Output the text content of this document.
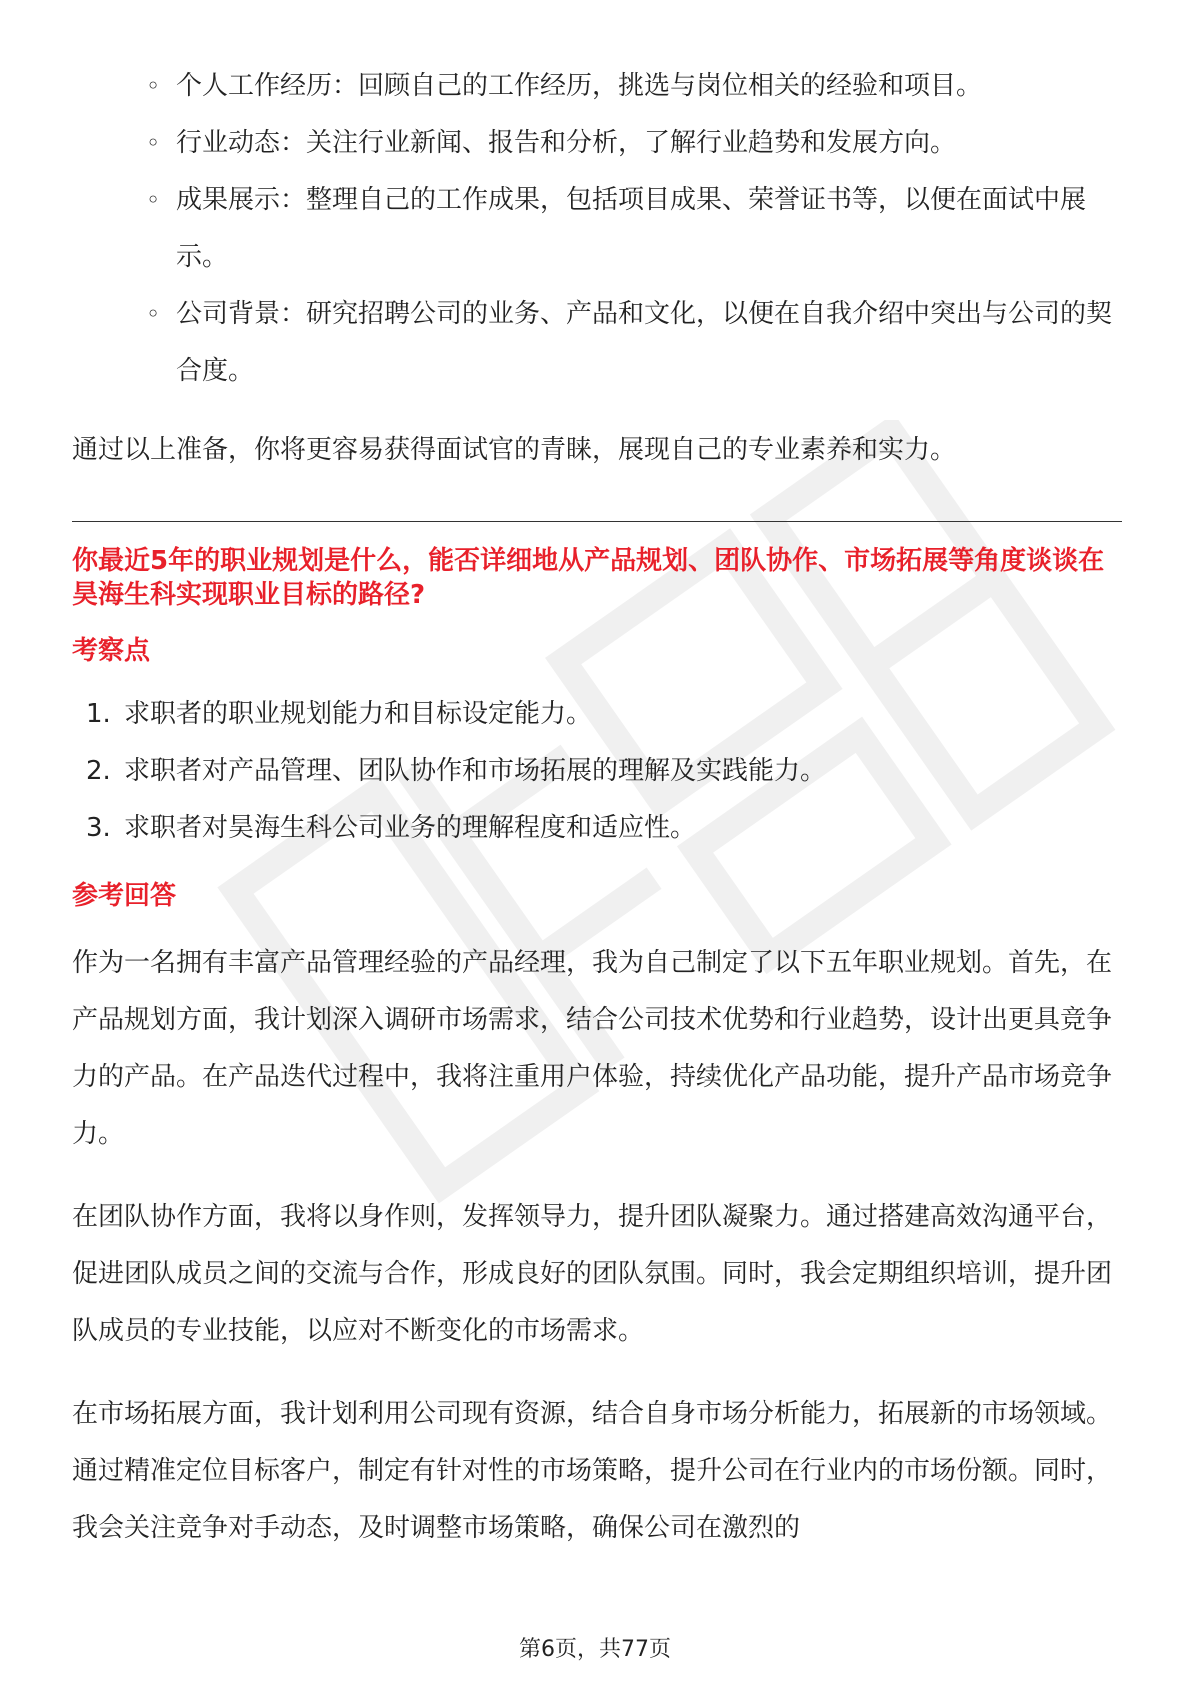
◦ 个人工作经历：回顾自己的工作经历，挑选与岗位相关的经验和项目。
◦ 行业动态：关注行业新闻、报告和分析，了解行业趋势和发展方向。
◦ 成果展示：整理自己的工作成果，包括项目成果、荣誉证书等，以便在面试中展示。
◦ 公司背景：研究招聘公司的业务、产品和文化，以便在自我介绍中突出与公司的契合度。

通过以上准备，你将更容易获得面试官的青睐，展现自己的专业素养和实力。

你最近5年的职业规划是什么，能否详细地从产品规划、团队协作、市场拓展等角度谈谈在昊海生科实现职业目标的路径?

考察点
1. 求职者的职业规划能力和目标设定能力。
2. 求职者对产品管理、团队协作和市场拓展的理解及实践能力。
3. 求职者对昊海生科公司业务的理解程度和适应性。
参考回答

作为一名拥有丰富产品管理经验的产品经理，我为自己制定了以下五年职业规划。首先，在产品规划方面，我计划深入调研市场需求，结合公司技术优势和行业趋势，设计出更具竞争力的产品。在产品迭代过程中，我将注重用户体验，持续优化产品功能，提升产品市场竞争力。

在团队协作方面，我将以身作则，发挥领导力，提升团队凝聚力。通过搭建高效沟通平台，促进团队成员之间的交流与合作，形成良好的团队氛围。同时，我会定期组织培训，提升团队成员的专业技能，以应对不断变化的市场需求。

在市场拓展方面，我计划利用公司现有资源，结合自身市场分析能力，拓展新的市场领域。通过精准定位目标客户，制定有针对性的市场策略，提升公司在行业内的市场份额。同时，我会关注竞争对手动态，及时调整市场策略，确保公司在激烈的

第6页，共77页
